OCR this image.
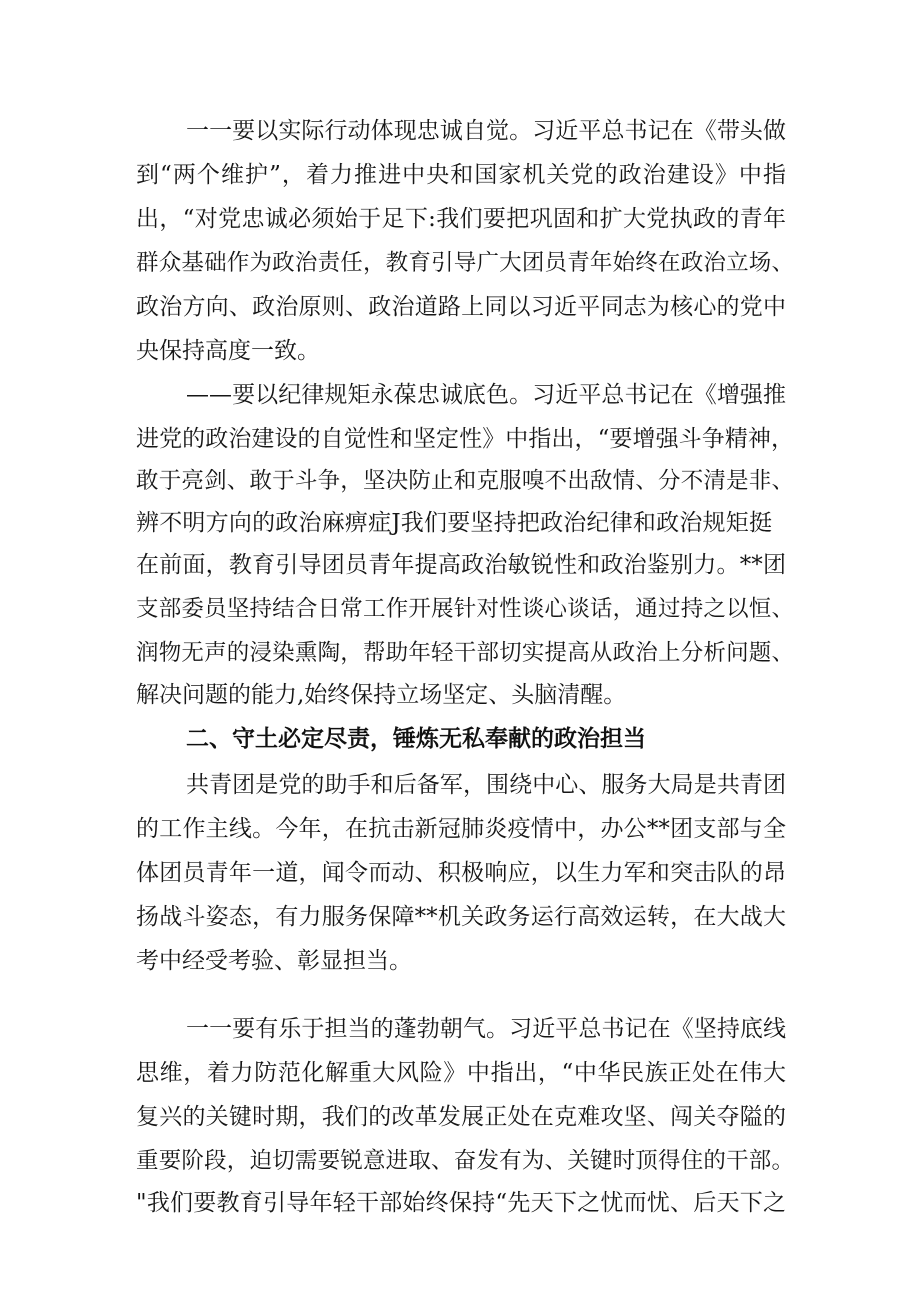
一一要以实际行动体现忠诚自觉。习近平总书记在《带头做
到“两个维护”，着力推进中央和国家机关党的政治建设》中指
出，“对党忠诚必须始于足下:我们要把巩固和扩大党执政的青年
群众基础作为政治责任，教育引导广大团员青年始终在政治立场、
政治方向、政治原则、政治道路上同以习近平同志为核心的党中
央保持高度一致。
——要以纪律规矩永葆忠诚底色。习近平总书记在《增强推
进党的政治建设的自觉性和坚定性》中指出，“要增强斗争精神，
敢于亮剑、敢于斗争，坚决防止和克服嗅不出敌情、分不清是非、
辨不明方向的政治麻痹症J我们要坚持把政治纪律和政治规矩挺
在前面，教育引导团员青年提高政治敏锐性和政治鉴别力。**团
支部委员坚持结合日常工作开展针对性谈心谈话，通过持之以恒、
润物无声的浸染熏陶，帮助年轻干部切实提高从政治上分析问题、
解决问题的能力,始终保持立场坚定、头脑清醒。
二、守土必定尽责，锤炼无私奉献的政治担当
共青团是党的助手和后备军，围绕中心、服务大局是共青团
的工作主线。今年，在抗击新冠肺炎疫情中，办公**团支部与全
体团员青年一道，闻令而动、积极响应，以生力军和突击队的昂
扬战斗姿态，有力服务保障**机关政务运行高效运转，在大战大
考中经受考验、彰显担当。
一一要有乐于担当的蓬勃朝气。习近平总书记在《坚持底线
思维，着力防范化解重大风险》中指出，“中华民族正处在伟大
复兴的关键时期，我们的改革发展正处在克难攻坚、闯关夺隘的
重要阶段，迫切需要锐意进取、奋发有为、关键时顶得住的干部。
"我们要教育引导年轻干部始终保持“先天下之忧而忧、后天下之
